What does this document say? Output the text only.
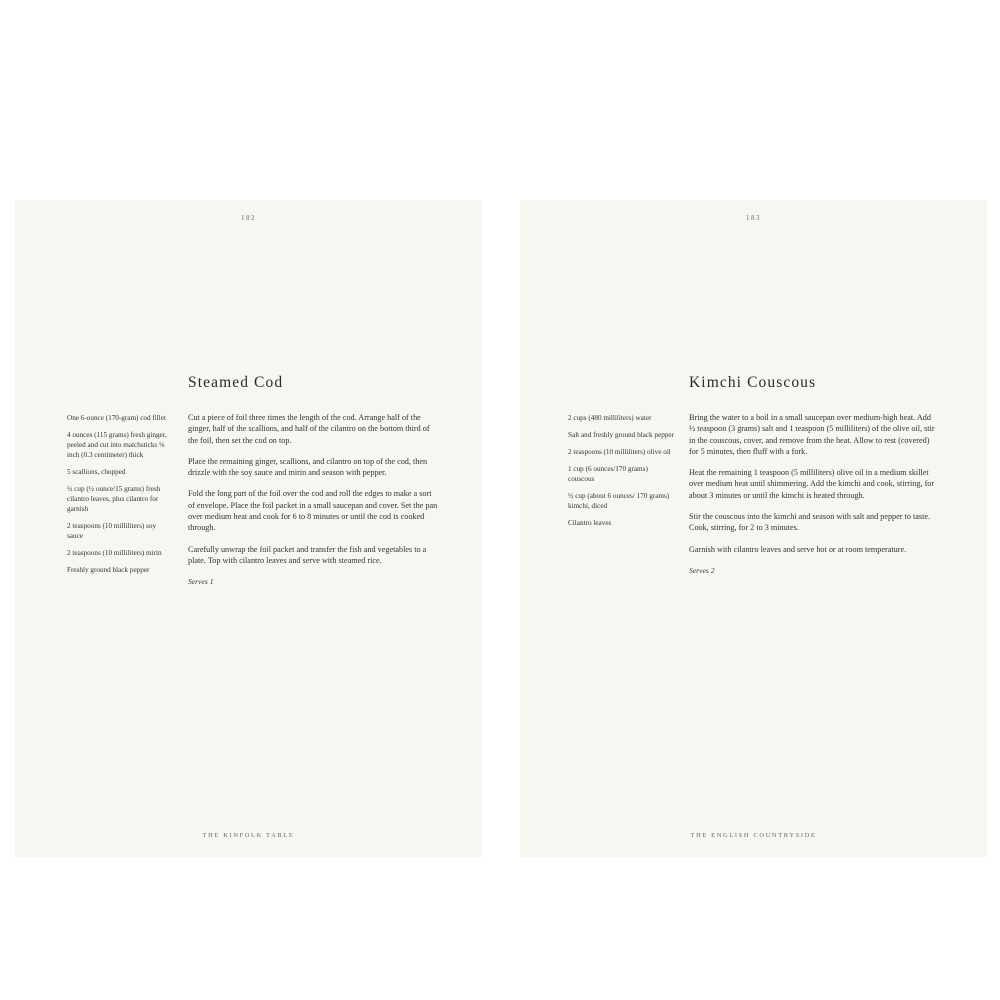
182
Steamed Cod
One 6-ounce (170-gram) cod fillet
4 ounces (115 grams) fresh ginger, peeled and cut into matchsticks ⅛ inch (0.3 centimeter) thick
5 scallions, chopped
½ cup (½ ounce/15 grams) fresh cilantro leaves, plus cilantro for garnish
2 teaspoons (10 milliliters) soy sauce
2 teaspoons (10 milliliters) mirin
Freshly ground black pepper

Cut a piece of foil three times the length of the cod. Arrange half of the ginger, half of the scallions, and half of the cilantro on the bottom third of the foil, then set the cod on top.

Place the remaining ginger, scallions, and cilantro on top of the cod, then drizzle with the soy sauce and mirin and season with pepper.

Fold the long part of the foil over the cod and roll the edges to make a sort of envelope. Place the foil packet in a small saucepan and cover. Set the pan over medium heat and cook for 6 to 8 minutes or until the cod is cooked through.

Carefully unwrap the foil packet and transfer the fish and vegetables to a plate. Top with cilantro leaves and serve with steamed rice.

Serves 1

THE KINFOLK TABLE
183
Kimchi Couscous
2 cups (480 milliliters) water
Salt and freshly ground black pepper
2 teaspoons (10 milliliters) olive oil
1 cup (6 ounces/170 grams) couscous
½ cup (about 6 ounces/ 170 grams) kimchi, diced
Cilantro leaves

Bring the water to a boil in a small saucepan over medium-high heat. Add ½ teaspoon (3 grams) salt and 1 teaspoon (5 milliliters) of the olive oil, stir in the couscous, cover, and remove from the heat. Allow to rest (covered) for 5 minutes, then fluff with a fork.

Heat the remaining 1 teaspoon (5 milliliters) olive oil in a medium skillet over medium heat until shimmering. Add the kimchi and cook, stirring, for about 3 minutes or until the kimchi is heated through.

Stir the couscous into the kimchi and season with salt and pepper to taste. Cook, stirring, for 2 to 3 minutes.

Garnish with cilantro leaves and serve hot or at room temperature.

Serves 2

THE ENGLISH COUNTRYSIDE
